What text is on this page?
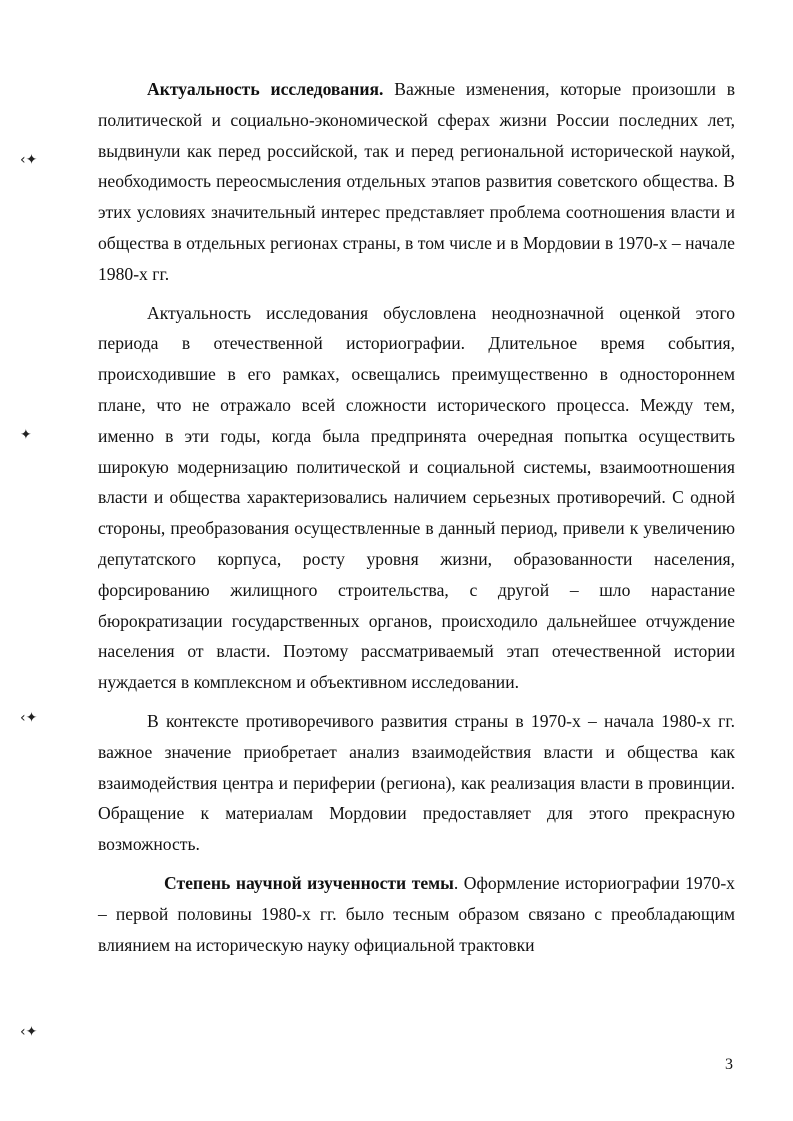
‹✦
✦
‹✦
‹✦

Актуальность исследования. Важные изменения, которые произошли в политической и социально-экономической сферах жизни России последних лет, выдвинули как перед российской, так и перед региональной исторической наукой, необходимость переосмысления отдельных этапов развития советского общества. В этих условиях значительный интерес представляет проблема соотношения власти и общества в отдельных регионах страны, в том числе и в Мордовии в 1970-х – начале 1980-х гг.

Актуальность исследования обусловлена неоднозначной оценкой этого периода в отечественной историографии. Длительное время события, происходившие в его рамках, освещались преимущественно в одностороннем плане, что не отражало всей сложности исторического процесса. Между тем, именно в эти годы, когда была предпринята очередная попытка осуществить широкую модернизацию политической и социальной системы, взаимоотношения власти и общества характеризовались наличием серьезных противоречий. С одной стороны, преобразования осуществленные в данный период, привели к увеличению депутатского корпуса, росту уровня жизни, образованности населения, форсированию жилищного строительства, с другой – шло нарастание бюрократизации государственных органов, происходило дальнейшее отчуждение населения от власти. Поэтому рассматриваемый этап отечественной истории нуждается в комплексном и объективном исследовании.

В контексте противоречивого развития страны в 1970-х – начала 1980-х гг. важное значение приобретает анализ взаимодействия власти и общества как взаимодействия центра и периферии (региона), как реализация власти в провинции. Обращение к материалам Мордовии предоставляет для этого прекрасную возможность.

Степень научной изученности темы. Оформление историографии 1970-х – первой половины 1980-х гг. было тесным образом связано с преобладающим влиянием на историческую науку официальной трактовки

3
